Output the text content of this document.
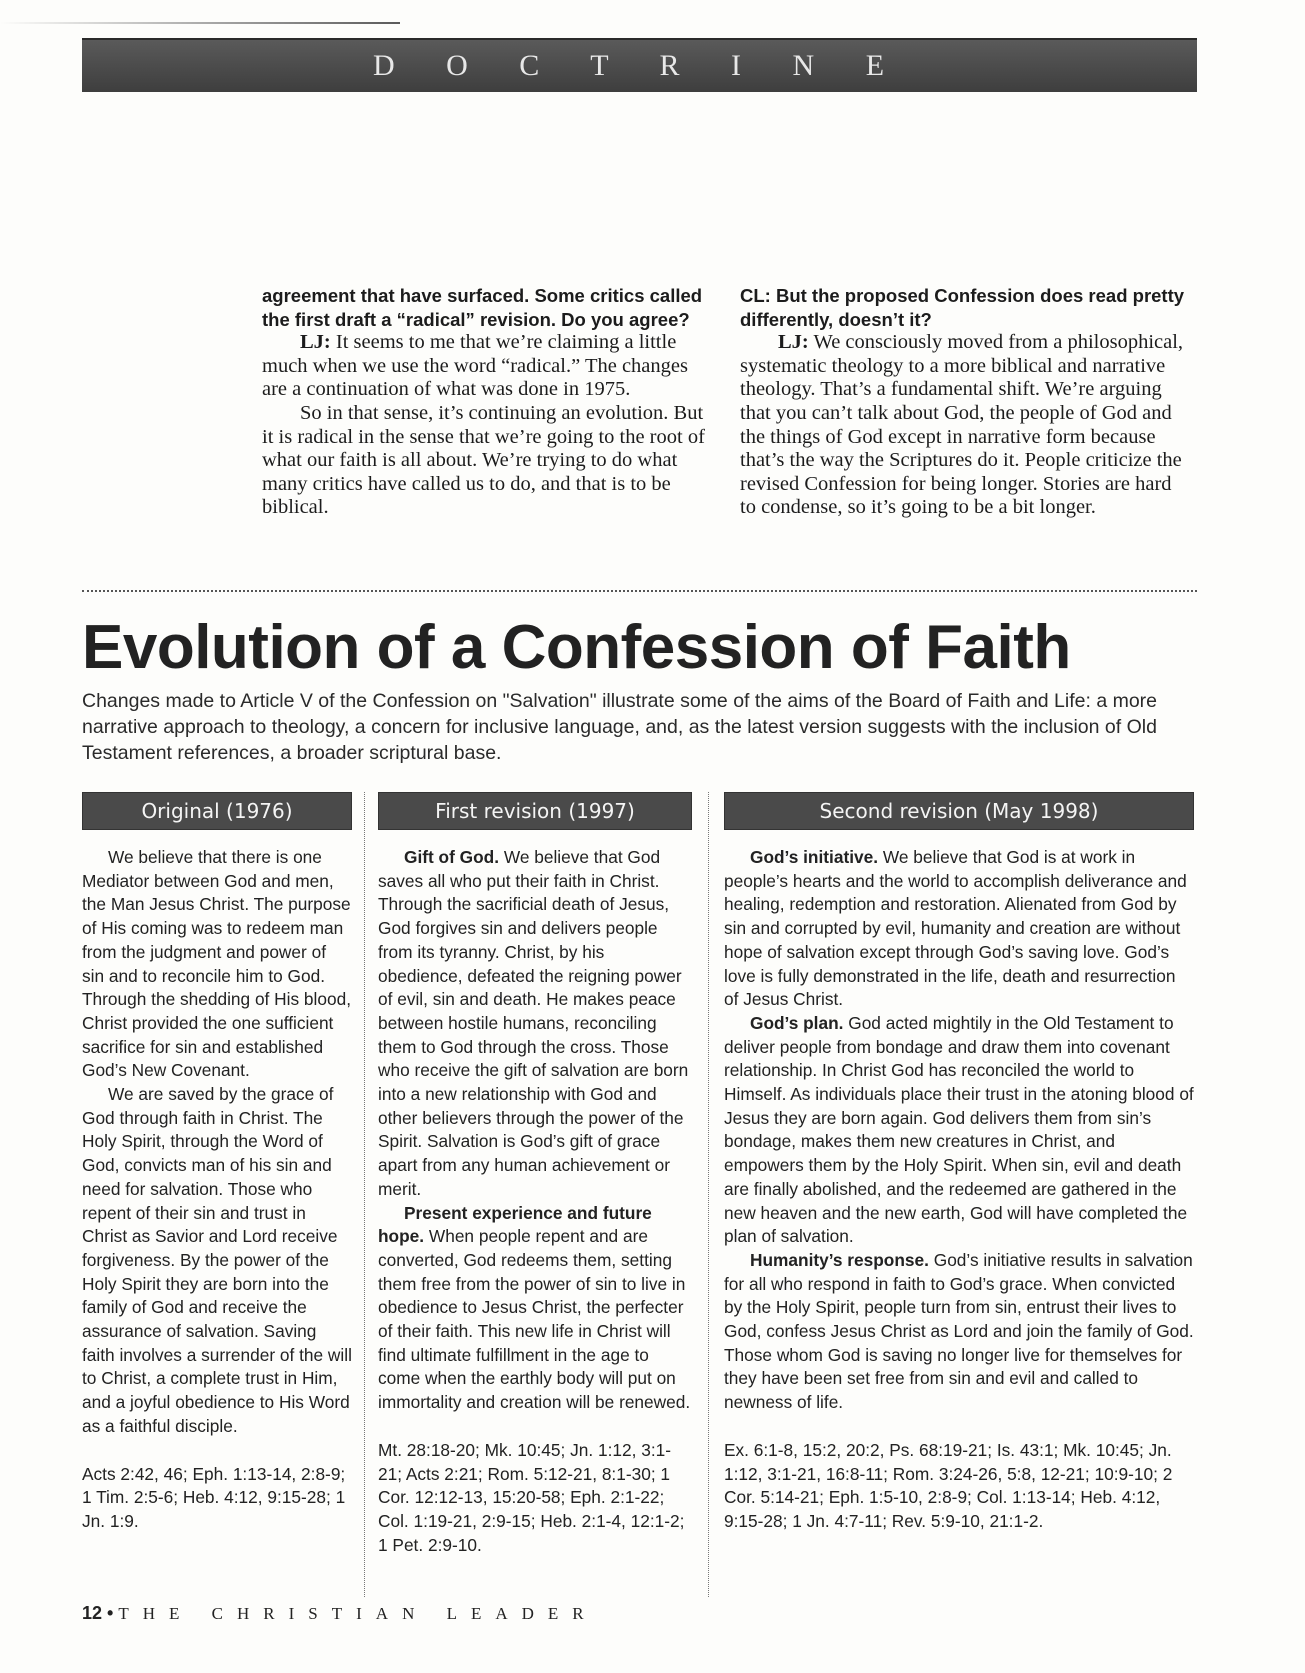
D O C T R I N E

agreement that have surfaced. Some critics called the first draft a “radical” revision. Do you agree?

LJ: It seems to me that we’re claiming a little much when we use the word “radical.” The changes are a continuation of what was done in 1975.

So in that sense, it’s continuing an evolution. But it is radical in the sense that we’re going to the root of what our faith is all about. We’re trying to do what many critics have called us to do, and that is to be biblical.

CL: But the proposed Confession does read pretty differently, doesn’t it?

LJ: We consciously moved from a philosophical, systematic theology to a more biblical and narrative theology. That’s a fundamental shift. We’re arguing that you can’t talk about God, the people of God and the things of God except in narrative form because that’s the way the Scriptures do it. People criticize the revised Confession for being longer. Stories are hard to condense, so it’s going to be a bit longer.

Evolution of a Confession of Faith

Changes made to Article V of the Confession on "Salvation" illustrate some of the aims of the Board of Faith and Life: a more narrative approach to theology, a concern for inclusive language, and, as the latest version suggests with the inclusion of Old Testament references, a broader scriptural base.

Original (1976)

We believe that there is one Mediator between God and men, the Man Jesus Christ. The purpose of His coming was to redeem man from the judgment and power of sin and to reconcile him to God. Through the shedding of His blood, Christ provided the one sufficient sacrifice for sin and established God’s New Covenant.

We are saved by the grace of God through faith in Christ. The Holy Spirit, through the Word of God, convicts man of his sin and need for salvation. Those who repent of their sin and trust in Christ as Savior and Lord receive forgiveness. By the power of the Holy Spirit they are born into the family of God and receive the assurance of salvation. Saving faith involves a surrender of the will to Christ, a complete trust in Him, and a joyful obedience to His Word as a faithful disciple.

Acts 2:42, 46; Eph. 1:13-14, 2:8-9; 1 Tim. 2:5-6; Heb. 4:12, 9:15-28; 1 Jn. 1:9.

First revision (1997)

Gift of God. We believe that God saves all who put their faith in Christ. Through the sacrificial death of Jesus, God forgives sin and delivers people from its tyranny. Christ, by his obedience, defeated the reigning power of evil, sin and death. He makes peace between hostile humans, reconciling them to God through the cross. Those who receive the gift of salvation are born into a new relationship with God and other believers through the power of the Spirit. Salvation is God’s gift of grace apart from any human achievement or merit.

Present experience and future hope. When people repent and are converted, God redeems them, setting them free from the power of sin to live in obedience to Jesus Christ, the perfecter of their faith. This new life in Christ will find ultimate fulfillment in the age to come when the earthly body will put on immortality and creation will be renewed.

Mt. 28:18-20; Mk. 10:45; Jn. 1:12, 3:1-21; Acts 2:21; Rom. 5:12-21, 8:1-30; 1 Cor. 12:12-13, 15:20-58; Eph. 2:1-22; Col. 1:19-21, 2:9-15; Heb. 2:1-4, 12:1-2; 1 Pet. 2:9-10.

Second revision (May 1998)

God’s initiative. We believe that God is at work in people’s hearts and the world to accomplish deliverance and healing, redemption and restoration. Alienated from God by sin and corrupted by evil, humanity and creation are without hope of salvation except through God’s saving love. God’s love is fully demonstrated in the life, death and resurrection of Jesus Christ.

God’s plan. God acted mightily in the Old Testament to deliver people from bondage and draw them into covenant relationship. In Christ God has reconciled the world to Himself. As individuals place their trust in the atoning blood of Jesus they are born again. God delivers them from sin’s bondage, makes them new creatures in Christ, and empowers them by the Holy Spirit. When sin, evil and death are finally abolished, and the redeemed are gathered in the new heaven and the new earth, God will have completed the plan of salvation.

Humanity’s response. God’s initiative results in salvation for all who respond in faith to God’s grace. When convicted by the Holy Spirit, people turn from sin, entrust their lives to God, confess Jesus Christ as Lord and join the family of God. Those whom God is saving no longer live for themselves for they have been set free from sin and evil and called to newness of life.

Ex. 6:1-8, 15:2, 20:2, Ps. 68:19-21; Is. 43:1; Mk. 10:45; Jn. 1:12, 3:1-21, 16:8-11; Rom. 3:24-26, 5:8, 12-21; 10:9-10; 2 Cor. 5:14-21; Eph. 1:5-10, 2:8-9; Col. 1:13-14; Heb. 4:12, 9:15-28; 1 Jn. 4:7-11; Rev. 5:9-10, 21:1-2.

12 • THE CHRISTIAN LEADER
